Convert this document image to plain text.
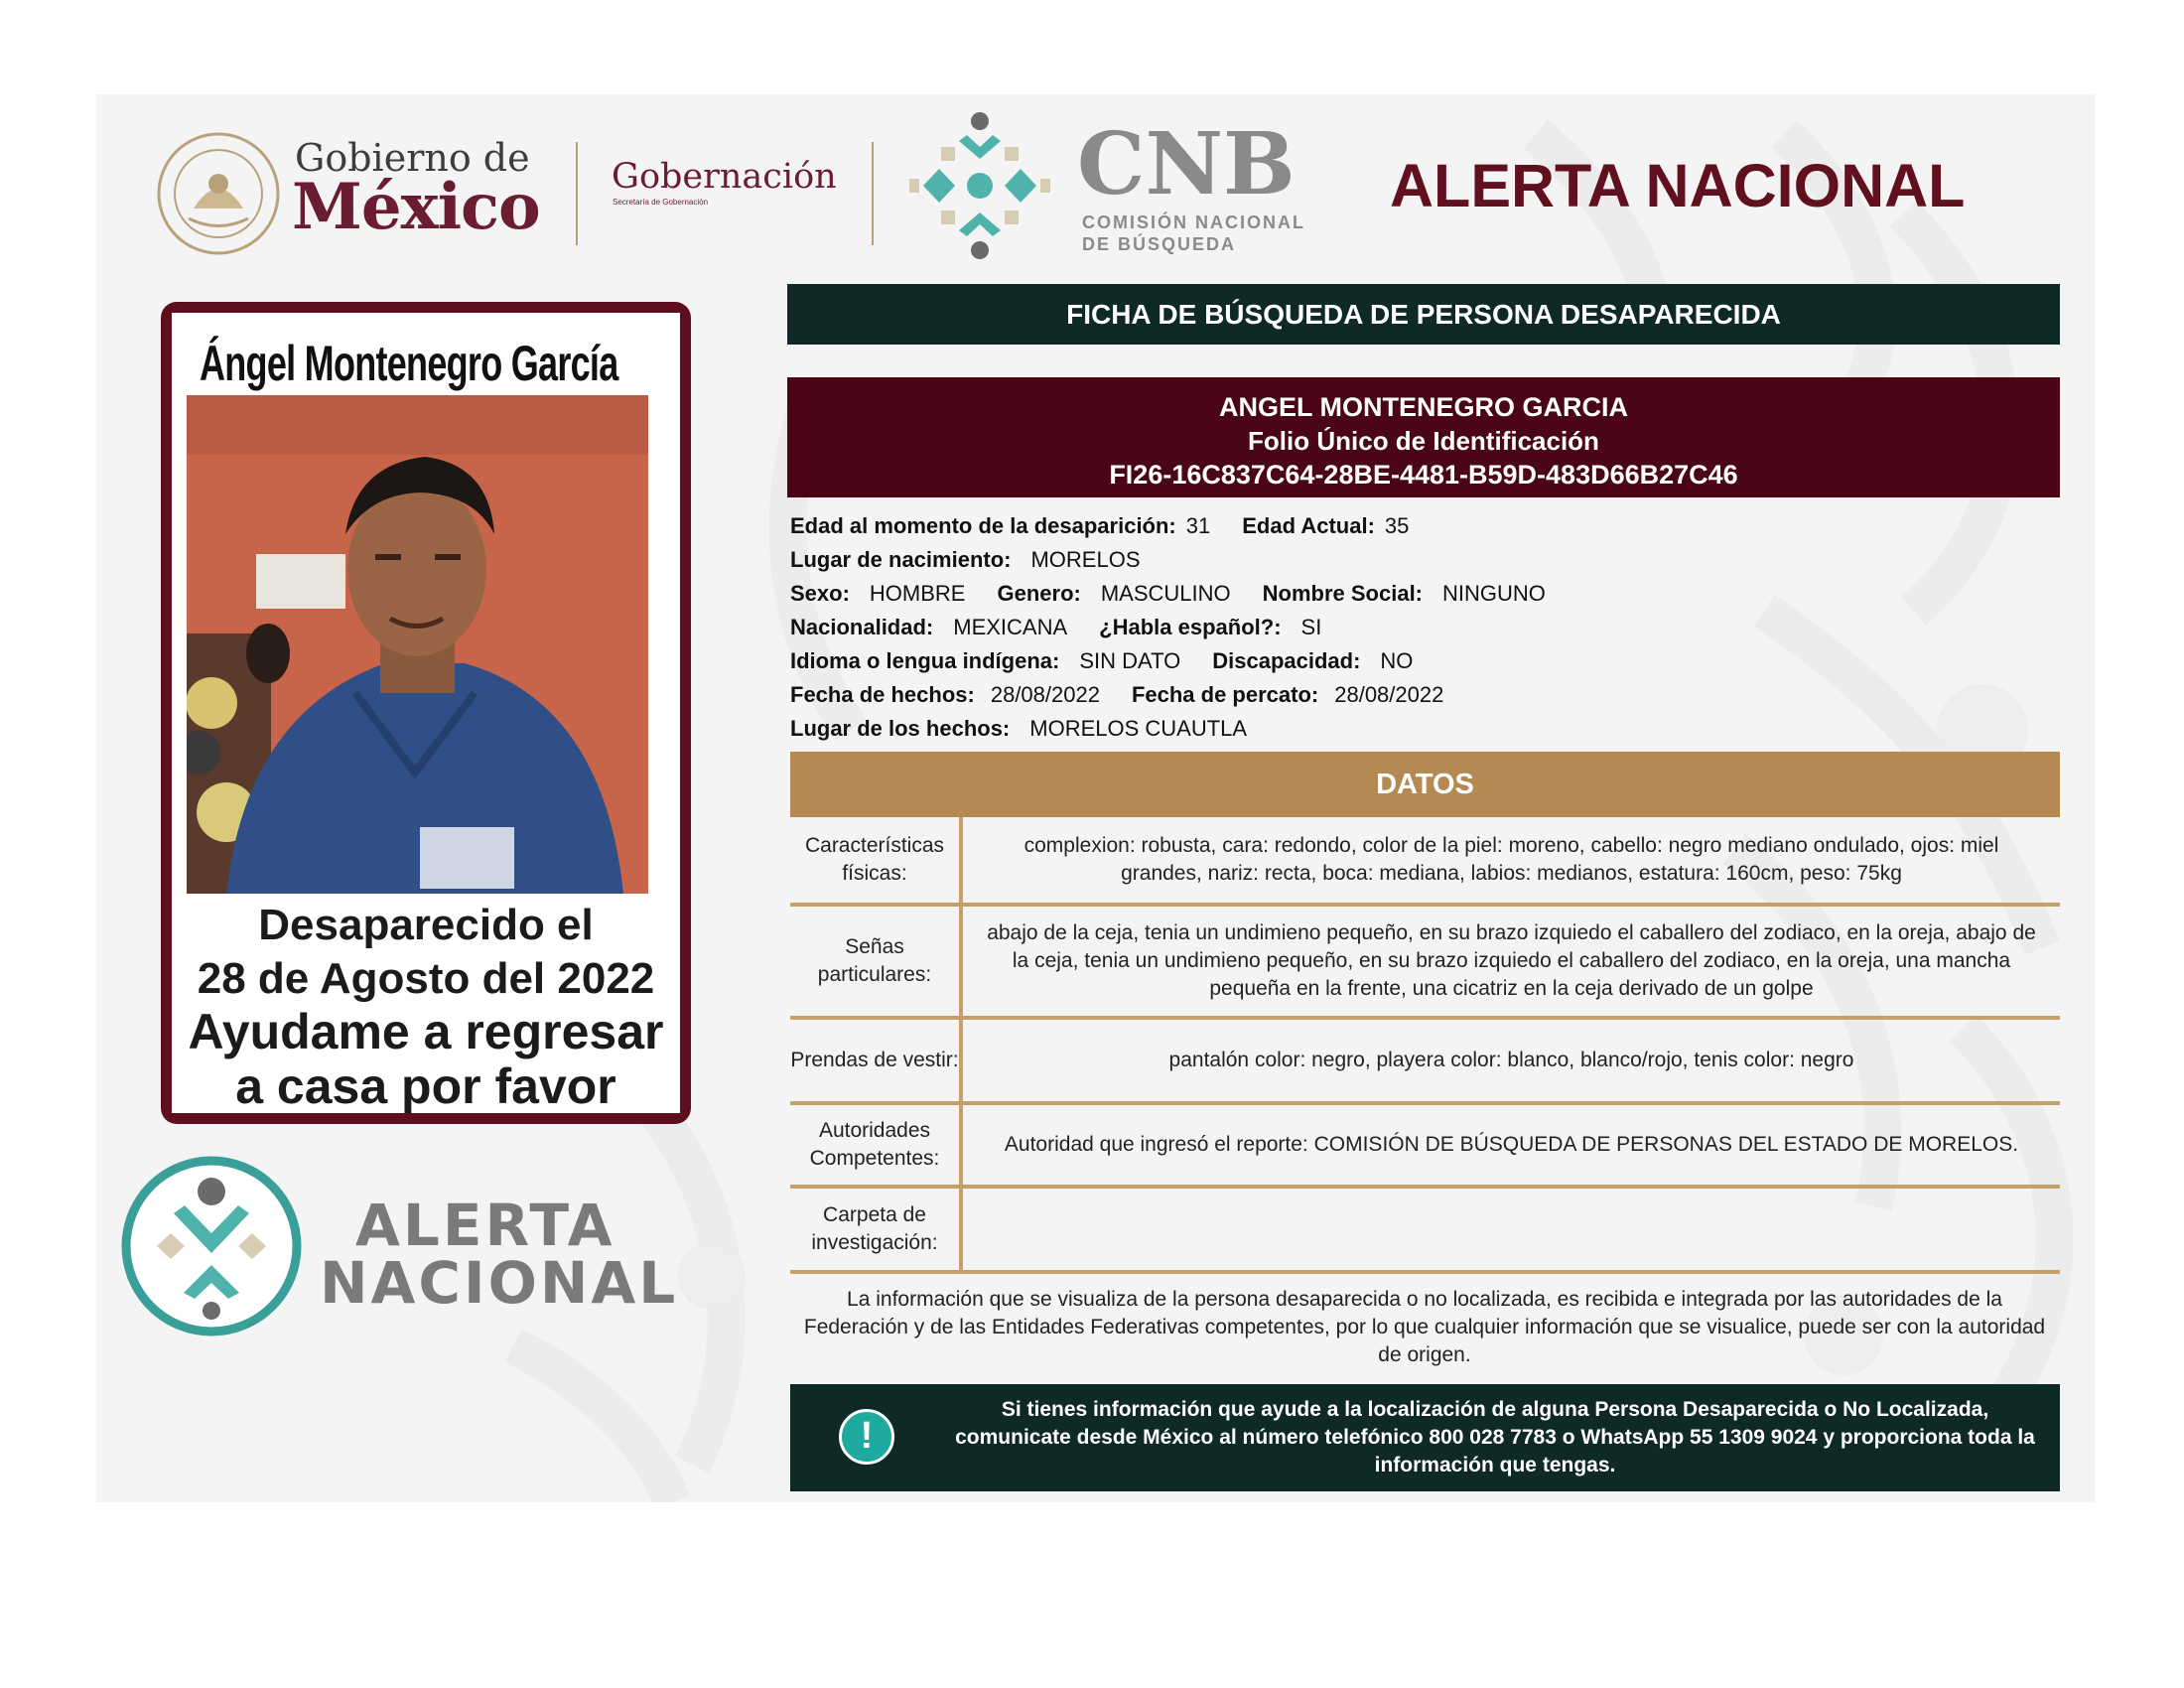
Gobierno de
México Gobernación
Secretaría de Gobernación	CNB
COMISIÓN NACIONAL
DE BÚSQUEDA
ALERTA NACIONAL
Ángel Montenegro García
Desaparecido el
28 de Agosto del 2022
Ayudame a regresar
a casa por favor
ALERTA
NACIONAL
FICHA DE BÚSQUEDA DE PERSONA DESAPARECIDA
ANGEL MONTENEGRO GARCIA
Folio Único de Identificación
FI26-16C837C64-28BE-4481-B59D-483D66B27C46
Edad al momento de la desaparición: 31 Edad Actual: 35
Lugar de nacimiento: MORELOS
Sexo: HOMBRE Genero: MASCULINO Nombre Social: NINGUNO
Nacionalidad: MEXICANA ¿Habla español?: SI
Idioma o lengua indígena: SIN DATO Discapacidad: NO
Fecha de hechos: 28/08/2022 Fecha de percato: 28/08/2022
Lugar de los hechos: MORELOS CUAUTLA
DATOS
Características físicas:
complexion: robusta, cara: redondo, color de la piel: moreno, cabello: negro mediano ondulado, ojos: miel grandes, nariz: recta, boca: mediana, labios: medianos, estatura: 160cm, peso: 75kg
Señas particulares:
abajo de la ceja, tenia un undimieno pequeño, en su brazo izquiedo el caballero del zodiaco, en la oreja, abajo de la ceja, tenia un undimieno pequeño, en su brazo izquiedo el caballero del zodiaco, en la oreja, una mancha pequeña en la frente, una cicatriz en la ceja derivado de un golpe
Prendas de vestir:	pantalón color: negro, playera color: blanco, blanco/rojo, tenis color: negro
Autoridades Competentes:
Autoridad que ingresó el reporte: COMISIÓN DE BÚSQUEDA DE PERSONAS DEL ESTADO DE MORELOS.
Carpeta de investigación:
La información que se visualiza de la persona desaparecida o no localizada, es recibida e integrada por las autoridades de la Federación y de las Entidades Federativas competentes, por lo que cualquier información que se visualice, puede ser con la autoridad de origen.
!
Si tienes información que ayude a la localización de alguna Persona Desaparecida o No Localizada, comunicate desde México al número telefónico 800 028 7783 o WhatsApp 55 1309 9024 y proporciona toda la información que tengas.
